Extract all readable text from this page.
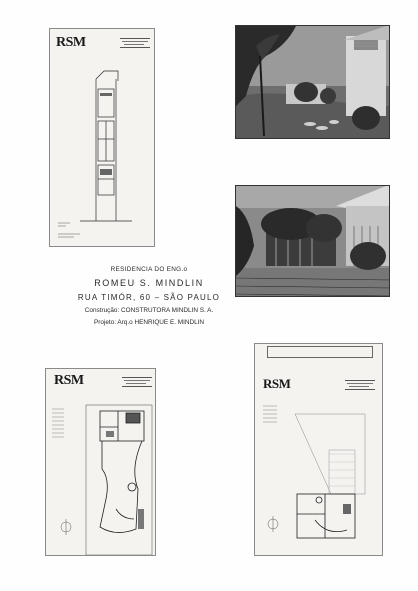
RSM
RESIDENCIA DO ENG.o
ROMEU S. MINDLIN
RUA TIMÓR, 60 – SÃO PAULO
Construção: CONSTRUTORA MINDLIN S. A.
Projeto: Arq.o HENRIQUE E. MINDLIN
RSM	RSM
